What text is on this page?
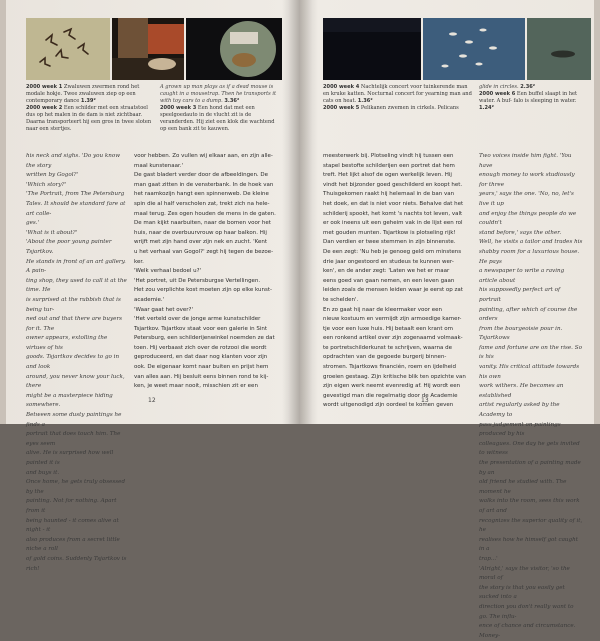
2000 week 1 Zwaluwen zwermen rond het modale hokje. Twee zwaluwen ziep op een contemporary dance 1.39²
2000 week 2 Een schilder met een straatstoel dus op het malen in de dam is niet zichtbaar. Daarna transporteert hij een gros in twee sloten naar een stertjes.
A grown up man plays as if a dead mouse is caught in a mousetrap. Then he transports it with toy cars to a dump. 3.36²
2000 week 3 Een hond dat met een speelgoedauto in de vlucht zit is de veranderden. Hij ziet een klok die wachtend op een bank zit te kauwen.

his neck and sighs. 'Do you know the story

written by Gogol?'

'Which story?'

'The Portrait, from The Petersburg

Tales. It should be standard fare at art colle-

ges.'

'What is it about?'

'About the poor young painter Tsjartkov.

He stands in front of an art gallery. A pain-

ting shop, they used to call it at the time. He

is surprised at the rubbish that is being tur-

ned out and that there are buyers for it. The

owner appears, extolling the virtues of his

goods. Tsjartkov decides to go in and look

around, you never know your luck, there

might be a masterpiece hiding somewhere.

Between some dusty paintings he finds a

portrait that does touch him. The eyes seem

alive. He is surprised how well painted it is

and buys it.

Once home, he gets truly obsessed by the

painting. Not for nothing. Apart from it

being haunted - it comes alive at night - it

also produces from a secret little niche a roll

of gold coins. Suddenly Tsjartkov is rich!

voor hebben. Zo vullen wij elkaar aan, en zijn alle-

maal kunstenaar.'

De gast bladert verder door de afbeeldingen. De

man gaat zitten in de vensterbank. In de hoek van

het raamkozijn hangt een spinnenweb. De kleine

spin die al half verscholen zat, trekt zich na hele-

maal terug. Zes ogen houden de mens in de gaten.

De man kijkt naarbuiten, naar de bomen voor het

huis, naar de overbuurvrouw op haar balkon. Hij

wrijft met zijn hand over zijn nek en zucht. 'Kent

u het verhaal van Gogol?' zegt hij tegen de bezoe-

ker.

'Welk verhaal bedoel u?'

'Het portret, uit De Petersburgse Vertellingen.

Het zou verplichte kost moeten zijn op elke kunst-

academie.'

'Waar gaat het over?'

'Het verteld over de jonge arme kunstschilder

Tsjartkov. Tsjartkov staat voor een galerie in Sint

Petersburg, een schilderijenwinkel noemden ze dat

toen. Hij verbaast zich over de rotzooi die wordt

geproduceerd, en dat daar nog klanten voor zijn

ook. De eigenaar komt naar buiten en prijst hem

van alles aan. Hij besluit eens binnen rond te kij-

ken, je weet maar nooit, misschien zit er een

12
2000 week 4 Nachtelijk concert voor tuinkerende man en kruke katten. Nocturnal concert for yearning man and cats on heat. 1.36²
2000 week 5 Pelikanen zwemen in cirkels. Pelicans
glide in circles. 2.36²
2000 week 6 Een buffel slaapt in het water. A buf- falo is sleeping in water. 1.24²

meesterwerk bij. Plotseling vindt hij tussen een

stapel bestofte schilderijen een portret dat hem

treft. Het lijkt alsof de ogen werkelijk leven. Hij

vindt het bijzonder goed geschilderd en koopt het.

Thuisgekomen raakt hij helemaal in de ban van

het doek, en dat is niet voor niets. Behalve dat het

schilderij spookt, het komt 's nachts tot leven, valt

er ook ineens uit een geheim vak in de lijst een rol

met gouden munten. Tsjartkow is plotseling rijk!

Dan verdien er twee stemmen in zijn binnenste.

De een zegt: 'Nu heb je genoeg geld om minstens

drie jaar ongestoord en studeus te kunnen wer-

ken', en de ander zegt: 'Laten we het er maar

eens goed van gaan nemen, en een leven gaan

leiden zoals de mensen leiden waar je eerst op zat

te schelden'.

En zo gaat hij naar de kleermaker voor een

nieuw kostuum en vermijdt zijn armoedige kamer-

tje voor een luxe huis. Hij betaalt een krant om

een ronkend artikel over zijn zogenaamd volmaak-

te portretschilderkunst te schrijven, waarna de

opdrachten van de gegoede burgerij binnen-

stromen. Tsjartkows financién, roem en ijdelheid

groeien gestaag. Zijn kritische blik ten opzichte van

zijn eigen werk neemt evenredig af. Hij wordt een

gevestigd man die regelmatig door de Academie

wordt uitgenodigd zijn oordeel te komen geven

Two voices inside him fight. 'You have

enough money to work studiously for three

years,' says the one. 'No, no, let's live it up

and enjoy the things people do we couldn't

stand before,' says the other.

Well, he visits a tailor and trades his

shabby room for a luxurious house. He pays

a newspaper to write a raving article about

his supposedly perfect art of portrait

painting, after which of course the orders

from the bourgeoisie pour in. Tsjartkows

fame and fortune are on the rise. So is his

vanity. His critical attitude towards his own

work withers. He becomes an established

artist regularly asked by the Academy to

pass judgement on paintings produced by his

colleagues. One day he gets invited to witness

the presentation of a painting made by an

old friend he studied with. The moment he

walks into the room, sees this work of art and

recognizes the superior quality of it, he

realises how he himself got caught in a

trap...'

'Alright,' says the visitor, 'so the moral of

the story is that you easily get sucked into a

direction you don't really want to go. The influ-

ence of chance and circumstance. Money-

13
